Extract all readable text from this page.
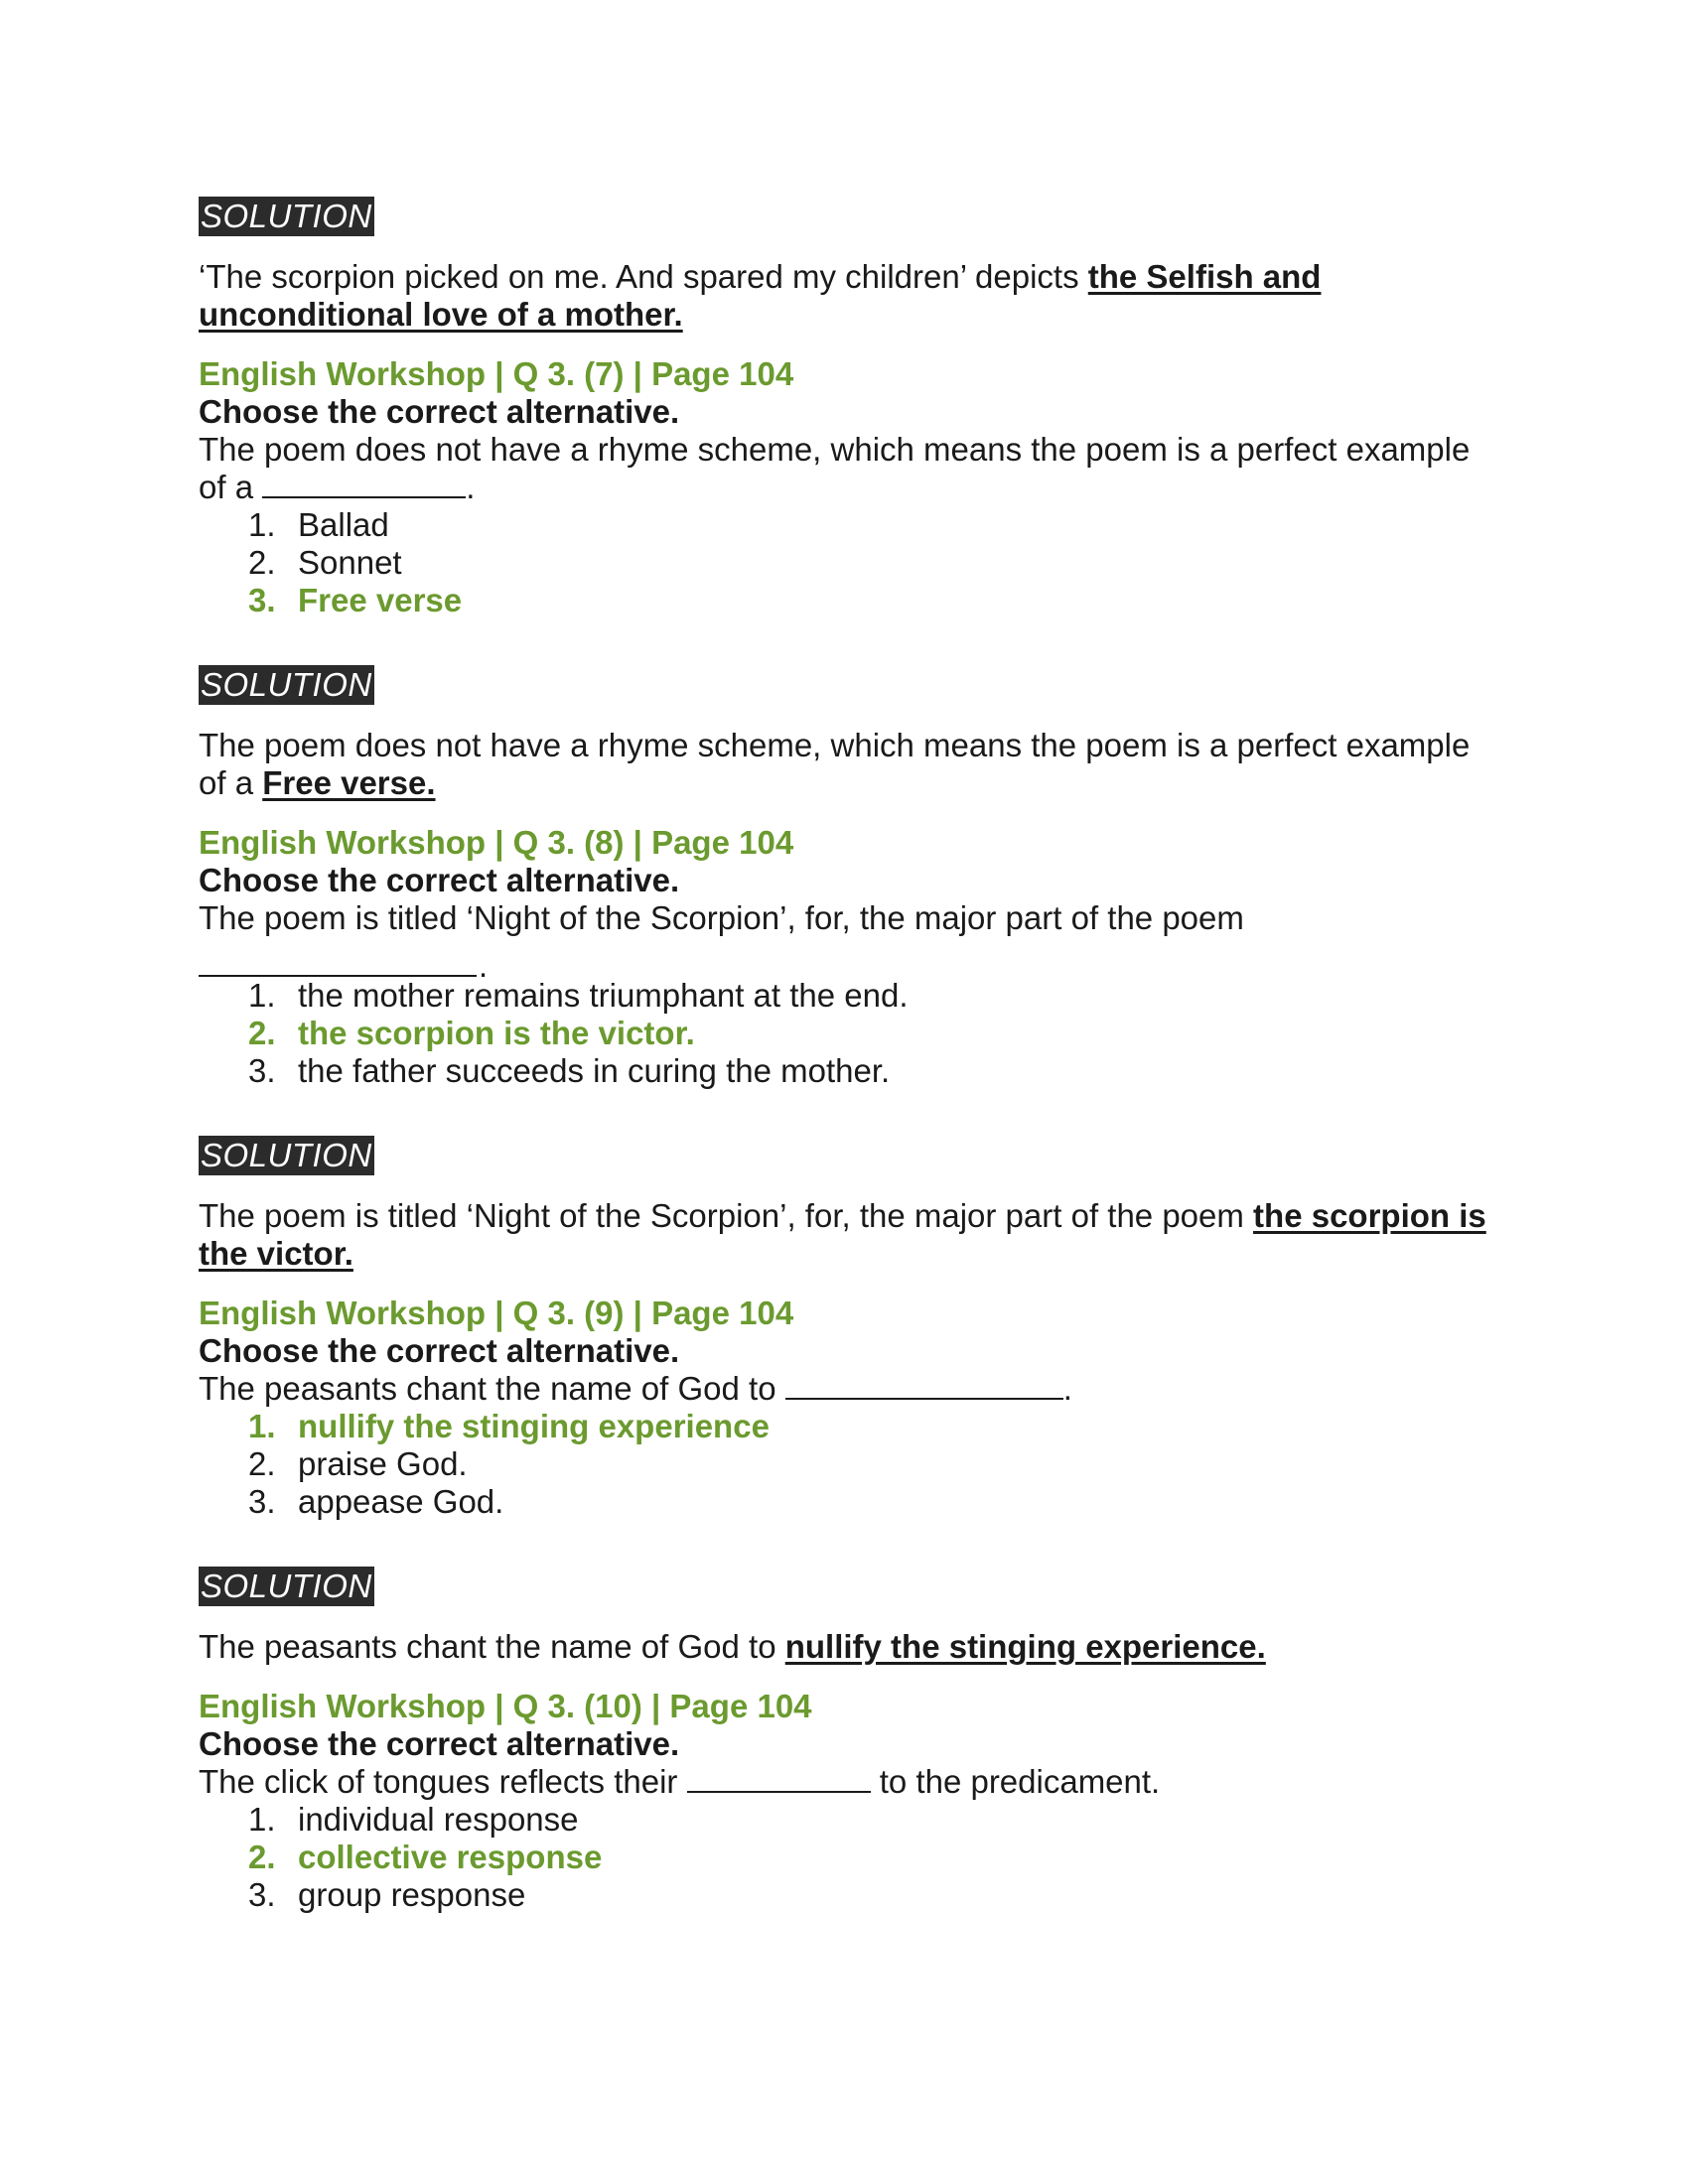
SOLUTION

‘The scorpion picked on me. And spared my children’ depicts the Selfish and unconditional love of a mother.

English Workshop | Q 3. (7) | Page 104

Choose the correct alternative.

The poem does not have a rhyme scheme, which means the poem is a perfect example of a	.

1. Ballad
2. Sonnet
3. Free verse
SOLUTION

The poem does not have a rhyme scheme, which means the poem is a perfect example of a Free verse.

English Workshop | Q 3. (8) | Page 104

Choose the correct alternative.

The poem is titled ‘Night of the Scorpion’, for, the major part of the poem

.
1. the mother remains triumphant at the end.
2. the scorpion is the victor.
3. the father succeeds in curing the mother.
SOLUTION

The poem is titled ‘Night of the Scorpion’, for, the major part of the poem the scorpion is the victor.

English Workshop | Q 3. (9) | Page 104

Choose the correct alternative.

The peasants chant the name of God to	.

1. nullify the stinging experience
2. praise God.
3. appease God.
SOLUTION

The peasants chant the name of God to nullify the stinging experience.

English Workshop | Q 3. (10) | Page 104

Choose the correct alternative.

The click of tongues reflects their	to the predicament.

1. individual response
2. collective response
3. group response
